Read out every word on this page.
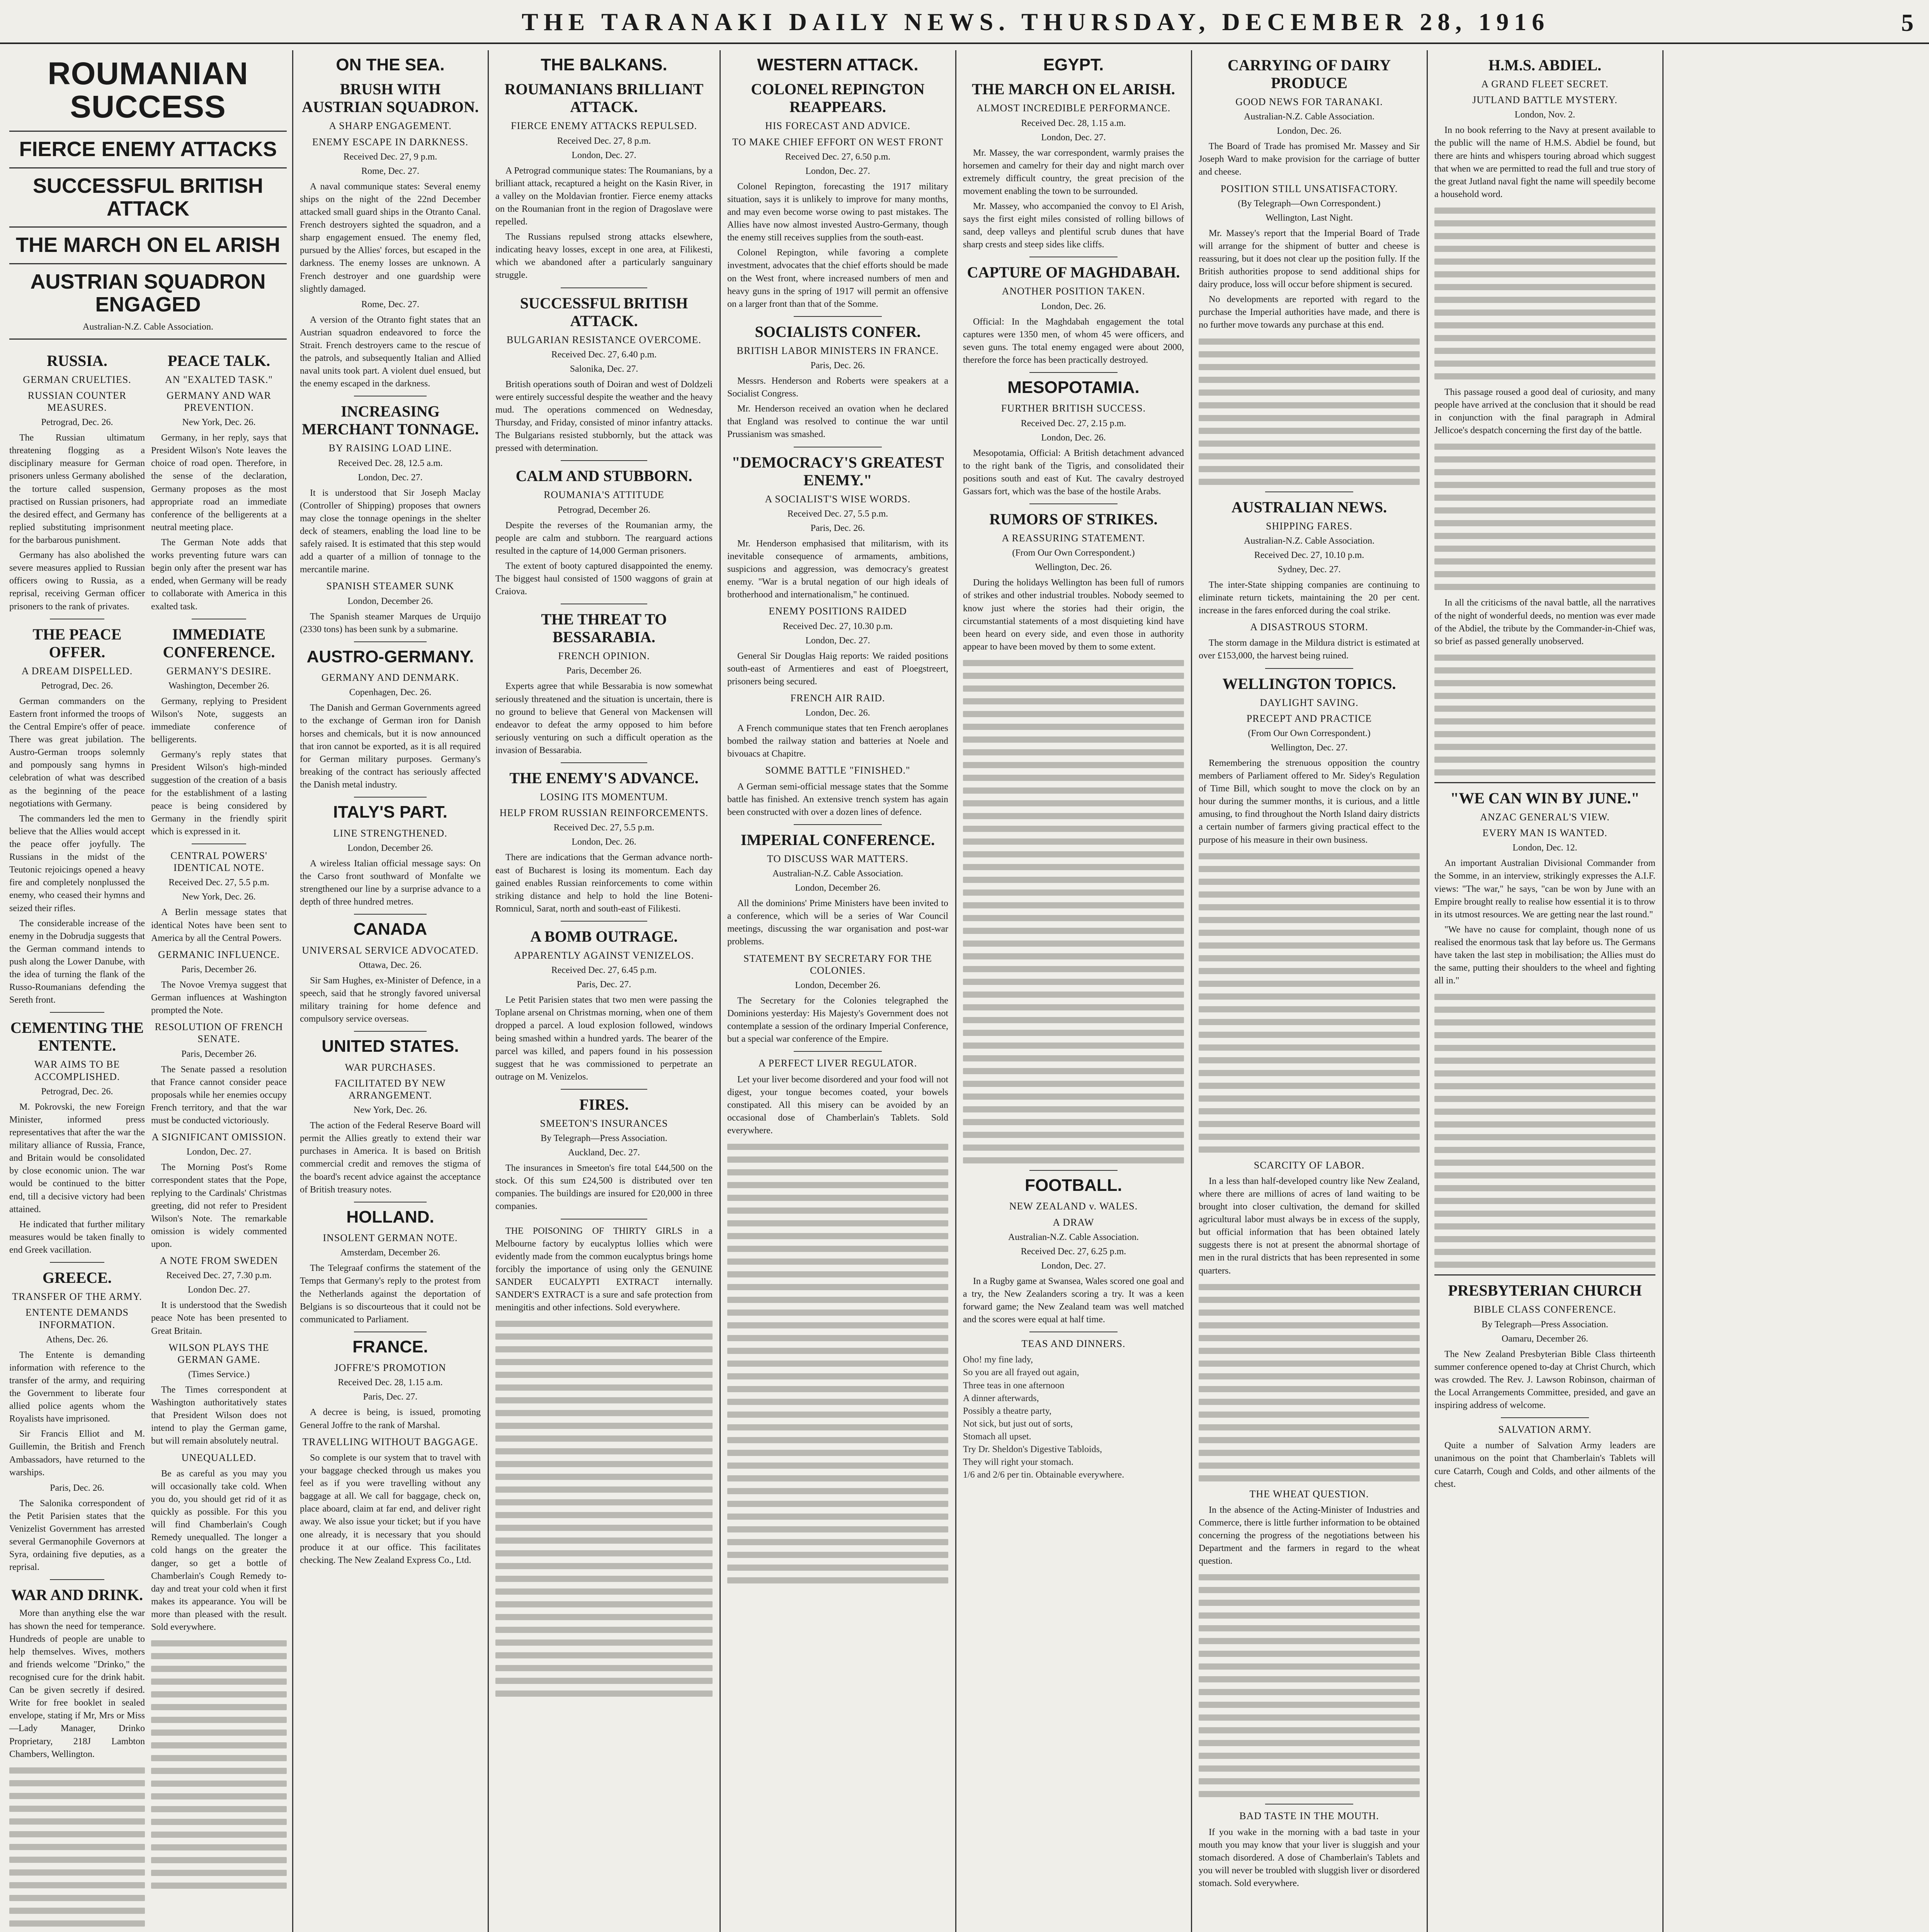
THE TARANAKI DAILY NEWS. THURSDAY, DECEMBER 28, 1916	5
ROUMANIAN SUCCESS
FIERCE ENEMY ATTACKS
SUCCESSFUL BRITISH ATTACK
THE MARCH ON EL ARISH
AUSTRIAN SQUADRON ENGAGED
Australian-N.Z. Cable Association.
RUSSIA.
GERMAN CRUELTIES.
RUSSIAN COUNTER MEASURES.
Petrograd, Dec. 26.

The Russian ultimatum threatening flogging as a disciplinary measure for German prisoners unless Germany abolished the torture called suspension, practised on Russian prisoners, had the desired effect, and Germany has replied substituting imprisonment for the barbarous punishment.

Germany has also abolished the severe measures applied to Russian officers owing to Russia, as a reprisal, receiving German officer prisoners to the rank of privates.

THE PEACE OFFER.
A DREAM DISPELLED.
Petrograd, Dec. 26.

German commanders on the Eastern front informed the troops of the Central Empire's offer of peace. There was great jubilation. The Austro-German troops solemnly and pompously sang hymns in celebration of what was described as the beginning of the peace negotiations with Germany.

The commanders led the men to believe that the Allies would accept the peace offer joyfully. The Russians in the midst of the Teutonic rejoicings opened a heavy fire and completely nonplussed the enemy, who ceased their hymns and seized their rifles.

The considerable increase of the enemy in the Dobrudja suggests that the German command intends to push along the Lower Danube, with the idea of turning the flank of the Russo-Roumanians defending the Sereth front.

CEMENTING THE ENTENTE.
WAR AIMS TO BE ACCOMPLISHED.
Petrograd, Dec. 26.

M. Pokrovski, the new Foreign Minister, informed press representatives that after the war the military alliance of Russia, France, and Britain would be consolidated by close economic union. The war would be continued to the bitter end, till a decisive victory had been attained.

He indicated that further military measures would be taken finally to end Greek vacillation.

GREECE.
TRANSFER OF THE ARMY.
ENTENTE DEMANDS INFORMATION.
Athens, Dec. 26.

The Entente is demanding information with reference to the transfer of the army, and requiring the Government to liberate four allied police agents whom the Royalists have imprisoned.

Sir Francis Elliot and M. Guillemin, the British and French Ambassadors, have returned to the warships.

Paris, Dec. 26.

The Salonika correspondent of the Petit Parisien states that the Venizelist Government has arrested several Germanophile Governors at Syra, ordaining five deputies, as a reprisal.

WAR AND DRINK.

More than anything else the war has shown the need for temperance. Hundreds of people are unable to help themselves. Wives, mothers and friends welcome "Drinko," the recognised cure for the drink habit. Can be given secretly if desired. Write for free booklet in sealed envelope, stating if Mr, Mrs or Miss—Lady Manager, Drinko Proprietary, 218J Lambton Chambers, Wellington.

PEACE TALK.
AN "EXALTED TASK."
GERMANY AND WAR PREVENTION.
New York, Dec. 26.

Germany, in her reply, says that President Wilson's Note leaves the choice of road open. Therefore, in the sense of the declaration, Germany proposes as the most appropriate road an immediate conference of the belligerents at a neutral meeting place.

The German Note adds that works preventing future wars can begin only after the present war has ended, when Germany will be ready to collaborate with America in this exalted task.

IMMEDIATE CONFERENCE.
GERMANY'S DESIRE.
Washington, December 26.

Germany, replying to President Wilson's Note, suggests an immediate conference of belligerents.

Germany's reply states that President Wilson's high-minded suggestion of the creation of a basis for the establishment of a lasting peace is being considered by Germany in the friendly spirit which is expressed in it.

CENTRAL POWERS' IDENTICAL NOTE.
Received Dec. 27, 5.5 p.m.
New York, Dec. 26.

A Berlin message states that identical Notes have been sent to America by all the Central Powers.

GERMANIC INFLUENCE.
Paris, December 26.

The Novoe Vremya suggest that German influences at Washington prompted the Note.

RESOLUTION OF FRENCH SENATE.
Paris, December 26.

The Senate passed a resolution that France cannot consider peace proposals while her enemies occupy French territory, and that the war must be conducted victoriously.

A SIGNIFICANT OMISSION.
London, Dec. 27.

The Morning Post's Rome correspondent states that the Pope, replying to the Cardinals' Christmas greeting, did not refer to President Wilson's Note. The remarkable omission is widely commented upon.

A NOTE FROM SWEDEN
Received Dec. 27, 7.30 p.m.
London Dec. 27.

It is understood that the Swedish peace Note has been presented to Great Britain.

WILSON PLAYS THE GERMAN GAME.
(Times Service.)

The Times correspondent at Washington authoritatively states that President Wilson does not intend to play the German game, but will remain absolutely neutral.

UNEQUALLED.

Be as careful as you may you will occasionally take cold. When you do, you should get rid of it as quickly as possible. For this you will find Chamberlain's Cough Remedy unequalled. The longer a cold hangs on the greater the danger, so get a bottle of Chamberlain's Cough Remedy to-day and treat your cold when it first makes its appearance. You will be more than pleased with the result. Sold everywhere.

ON THE SEA.
BRUSH WITH AUSTRIAN SQUADRON.
A SHARP ENGAGEMENT.
ENEMY ESCAPE IN DARKNESS.
Received Dec. 27, 9 p.m.
Rome, Dec. 27.

A naval communique states: Several enemy ships on the night of the 22nd December attacked small guard ships in the Otranto Canal. French destroyers sighted the squadron, and a sharp engagement ensued. The enemy fled, pursued by the Allies' forces, but escaped in the darkness. The enemy losses are unknown. A French destroyer and one guardship were slightly damaged.

Rome, Dec. 27.

A version of the Otranto fight states that an Austrian squadron endeavored to force the Strait. French destroyers came to the rescue of the patrols, and subsequently Italian and Allied naval units took part. A violent duel ensued, but the enemy escaped in the darkness.

INCREASING MERCHANT TONNAGE.
BY RAISING LOAD LINE.
Received Dec. 28, 12.5 a.m.
London, Dec. 27.

It is understood that Sir Joseph Maclay (Controller of Shipping) proposes that owners may close the tonnage openings in the shelter deck of steamers, enabling the load line to be safely raised. It is estimated that this step would add a quarter of a million of tonnage to the mercantile marine.

SPANISH STEAMER SUNK
London, December 26.

The Spanish steamer Marques de Urquijo (2330 tons) has been sunk by a submarine.

AUSTRO-GERMANY.
GERMANY AND DENMARK.
Copenhagen, Dec. 26.

The Danish and German Governments agreed to the exchange of German iron for Danish horses and chemicals, but it is now announced that iron cannot be exported, as it is all required for German military purposes. Germany's breaking of the contract has seriously affected the Danish metal industry.

ITALY'S PART.
LINE STRENGTHENED.
London, December 26.

A wireless Italian official message says: On the Carso front southward of Monfalte we strengthened our line by a surprise advance to a depth of three hundred metres.

CANADA
UNIVERSAL SERVICE ADVOCATED.
Ottawa, Dec. 26.

Sir Sam Hughes, ex-Minister of Defence, in a speech, said that he strongly favored universal military training for home defence and compulsory service overseas.

UNITED STATES.
WAR PURCHASES.
FACILITATED BY NEW ARRANGEMENT.
New York, Dec. 26.

The action of the Federal Reserve Board will permit the Allies greatly to extend their war purchases in America. It is based on British commercial credit and removes the stigma of the board's recent advice against the acceptance of British treasury notes.

HOLLAND.
INSOLENT GERMAN NOTE.
Amsterdam, December 26.

The Telegraaf confirms the statement of the Temps that Germany's reply to the protest from the Netherlands against the deportation of Belgians is so discourteous that it could not be communicated to Parliament.

FRANCE.
JOFFRE'S PROMOTION
Received Dec. 28, 1.15 a.m.
Paris, Dec. 27.

A decree is being, is issued, promoting General Joffre to the rank of Marshal.

TRAVELLING WITHOUT BAGGAGE.

So complete is our system that to travel with your baggage checked through us makes you feel as if you were travelling without any baggage at all. We call for baggage, check on, place aboard, claim at far end, and deliver right away. We also issue your ticket; but if you have one already, it is necessary that you should produce it at our office. This facilitates checking. The New Zealand Express Co., Ltd.

THE BALKANS.
ROUMANIANS BRILLIANT ATTACK.
FIERCE ENEMY ATTACKS REPULSED.
Received Dec. 27, 8 p.m.
London, Dec. 27.

A Petrograd communique states: The Roumanians, by a brilliant attack, recaptured a height on the Kasin River, in a valley on the Moldavian frontier. Fierce enemy attacks on the Roumanian front in the region of Dragoslave were repelled.

The Russians repulsed strong attacks elsewhere, indicating heavy losses, except in one area, at Filikesti, which we abandoned after a particularly sanguinary struggle.

SUCCESSFUL BRITISH ATTACK.
BULGARIAN RESISTANCE OVERCOME.
Received Dec. 27, 6.40 p.m.
Salonika, Dec. 27.

British operations south of Doiran and west of Doldzeli were entirely successful despite the weather and the heavy mud. The operations commenced on Wednesday, Thursday, and Friday, consisted of minor infantry attacks. The Bulgarians resisted stubbornly, but the attack was pressed with determination.

CALM AND STUBBORN.
ROUMANIA'S ATTITUDE
Petrograd, December 26.

Despite the reverses of the Roumanian army, the people are calm and stubborn. The rearguard actions resulted in the capture of 14,000 German prisoners.

The extent of booty captured disappointed the enemy. The biggest haul consisted of 1500 waggons of grain at Craiova.

THE THREAT TO BESSARABIA.
FRENCH OPINION.
Paris, December 26.

Experts agree that while Bessarabia is now somewhat seriously threatened and the situation is uncertain, there is no ground to believe that General von Mackensen will endeavor to defeat the army opposed to him before seriously venturing on such a difficult operation as the invasion of Bessarabia.

THE ENEMY'S ADVANCE.
LOSING ITS MOMENTUM.
HELP FROM RUSSIAN REINFORCEMENTS.
Received Dec. 27, 5.5 p.m.
London, Dec. 26.

There are indications that the German advance north-east of Bucharest is losing its momentum. Each day gained enables Russian reinforcements to come within striking distance and help to hold the line Boteni-Romnicul, Sarat, north and south-east of Filikesti.

A BOMB OUTRAGE.
APPARENTLY AGAINST VENIZELOS.
Received Dec. 27, 6.45 p.m.
Paris, Dec. 27.

Le Petit Parisien states that two men were passing the Toplane arsenal on Christmas morning, when one of them dropped a parcel. A loud explosion followed, windows being smashed within a hundred yards. The bearer of the parcel was killed, and papers found in his possession suggest that he was commissioned to perpetrate an outrage on M. Venizelos.

FIRES.
SMEETON'S INSURANCES
By Telegraph—Press Association.
Auckland, Dec. 27.

The insurances in Smeeton's fire total £44,500 on the stock. Of this sum £24,500 is distributed over ten companies. The buildings are insured for £20,000 in three companies.

THE POISONING OF THIRTY GIRLS in a Melbourne factory by eucalyptus lollies which were evidently made from the common eucalyptus brings home forcibly the importance of using only the GENUINE SANDER EUCALYPTI EXTRACT internally. SANDER'S EXTRACT is a sure and safe protection from meningitis and other infections. Sold everywhere.

WESTERN ATTACK.
COLONEL REPINGTON REAPPEARS.
HIS FORECAST AND ADVICE.
TO MAKE CHIEF EFFORT ON WEST FRONT
Received Dec. 27, 6.50 p.m.
London, Dec. 27.

Colonel Repington, forecasting the 1917 military situation, says it is unlikely to improve for many months, and may even become worse owing to past mistakes. The Allies have now almost invested Austro-Germany, though the enemy still receives supplies from the south-east.

Colonel Repington, while favoring a complete investment, advocates that the chief efforts should be made on the West front, where increased numbers of men and heavy guns in the spring of 1917 will permit an offensive on a larger front than that of the Somme.

SOCIALISTS CONFER.
BRITISH LABOR MINISTERS IN FRANCE.
Paris, Dec. 26.

Messrs. Henderson and Roberts were speakers at a Socialist Congress.

Mr. Henderson received an ovation when he declared that England was resolved to continue the war until Prussianism was smashed.

"DEMOCRACY'S GREATEST ENEMY."
A SOCIALIST'S WISE WORDS.
Received Dec. 27, 5.5 p.m.
Paris, Dec. 26.

Mr. Henderson emphasised that militarism, with its inevitable consequence of armaments, ambitions, suspicions and aggression, was democracy's greatest enemy. "War is a brutal negation of our high ideals of brotherhood and internationalism," he continued.

ENEMY POSITIONS RAIDED
Received Dec. 27, 10.30 p.m.
London, Dec. 27.

General Sir Douglas Haig reports: We raided positions south-east of Armentieres and east of Ploegstreert, prisoners being secured.

FRENCH AIR RAID.
London, Dec. 26.

A French communique states that ten French aeroplanes bombed the railway station and batteries at Noele and bivouacs at Chapitre.

SOMME BATTLE "FINISHED."

A German semi-official message states that the Somme battle has finished. An extensive trench system has again been constructed with over a dozen lines of defence.

IMPERIAL CONFERENCE.
TO DISCUSS WAR MATTERS.
Australian-N.Z. Cable Association.
London, December 26.

All the dominions' Prime Ministers have been invited to a conference, which will be a series of War Council meetings, discussing the war organisation and post-war problems.

STATEMENT BY SECRETARY FOR THE COLONIES.
London, December 26.

The Secretary for the Colonies telegraphed the Dominions yesterday: His Majesty's Government does not contemplate a session of the ordinary Imperial Conference, but a special war conference of the Empire.

A PERFECT LIVER REGULATOR.

Let your liver become disordered and your food will not digest, your tongue becomes coated, your bowels constipated. All this misery can be avoided by an occasional dose of Chamberlain's Tablets. Sold everywhere.

EGYPT.
THE MARCH ON EL ARISH.
ALMOST INCREDIBLE PERFORMANCE.
Received Dec. 28, 1.15 a.m.
London, Dec. 27.

Mr. Massey, the war correspondent, warmly praises the horsemen and camelry for their day and night march over extremely difficult country, the great precision of the movement enabling the town to be surrounded.

Mr. Massey, who accompanied the convoy to El Arish, says the first eight miles consisted of rolling billows of sand, deep valleys and plentiful scrub dunes that have sharp crests and steep sides like cliffs.

CAPTURE OF MAGHDABAH.
ANOTHER POSITION TAKEN.
London, Dec. 26.

Official: In the Maghdabah engagement the total captures were 1350 men, of whom 45 were officers, and seven guns. The total enemy engaged were about 2000, therefore the force has been practically destroyed.

MESOPOTAMIA.
FURTHER BRITISH SUCCESS.
Received Dec. 27, 2.15 p.m.
London, Dec. 26.

Mesopotamia, Official: A British detachment advanced to the right bank of the Tigris, and consolidated their positions south and east of Kut. The cavalry destroyed Gassars fort, which was the base of the hostile Arabs.

RUMORS OF STRIKES.
A REASSURING STATEMENT.
(From Our Own Correspondent.)
Wellington, Dec. 26.

During the holidays Wellington has been full of rumors of strikes and other industrial troubles. Nobody seemed to know just where the stories had their origin, the circumstantial statements of a most disquieting kind have been heard on every side, and even those in authority appear to have been moved by them to some extent.

FOOTBALL.
NEW ZEALAND v. WALES.
A DRAW
Australian-N.Z. Cable Association.
Received Dec. 27, 6.25 p.m.
London, Dec. 27.

In a Rugby game at Swansea, Wales scored one goal and a try, the New Zealanders scoring a try. It was a keen forward game; the New Zealand team was well matched and the scores were equal at half time.

TEAS AND DINNERS.

Oho! my fine lady,

So you are all frayed out again,

Three teas in one afternoon

A dinner afterwards,

Possibly a theatre party,

Not sick, but just out of sorts,

Stomach all upset.

Try Dr. Sheldon's Digestive Tabloids,

They will right your stomach.

1/6 and 2/6 per tin. Obtainable everywhere.

CARRYING OF DAIRY PRODUCE
GOOD NEWS FOR TARANAKI.
Australian-N.Z. Cable Association.
London, Dec. 26.

The Board of Trade has promised Mr. Massey and Sir Joseph Ward to make provision for the carriage of butter and cheese.

POSITION STILL UNSATISFACTORY.
(By Telegraph—Own Correspondent.)
Wellington, Last Night.

Mr. Massey's report that the Imperial Board of Trade will arrange for the shipment of butter and cheese is reassuring, but it does not clear up the position fully. If the British authorities propose to send additional ships for dairy produce, loss will occur before shipment is secured.

No developments are reported with regard to the purchase the Imperial authorities have made, and there is no further move towards any purchase at this end.

AUSTRALIAN NEWS.
SHIPPING FARES.
Australian-N.Z. Cable Association.
Received Dec. 27, 10.10 p.m.
Sydney, Dec. 27.

The inter-State shipping companies are continuing to eliminate return tickets, maintaining the 20 per cent. increase in the fares enforced during the coal strike.

A DISASTROUS STORM.

The storm damage in the Mildura district is estimated at over £153,000, the harvest being ruined.

WELLINGTON TOPICS.
DAYLIGHT SAVING.
PRECEPT AND PRACTICE
(From Our Own Correspondent.)
Wellington, Dec. 27.

Remembering the strenuous opposition the country members of Parliament offered to Mr. Sidey's Regulation of Time Bill, which sought to move the clock on by an hour during the summer months, it is curious, and a little amusing, to find throughout the North Island dairy districts a certain number of farmers giving practical effect to the purpose of his measure in their own business.

SCARCITY OF LABOR.

In a less than half-developed country like New Zealand, where there are millions of acres of land waiting to be brought into closer cultivation, the demand for skilled agricultural labor must always be in excess of the supply, but official information that has been obtained lately suggests there is not at present the abnormal shortage of men in the rural districts that has been represented in some quarters.

THE WHEAT QUESTION.

In the absence of the Acting-Minister of Industries and Commerce, there is little further information to be obtained concerning the progress of the negotiations between his Department and the farmers in regard to the wheat question.

BAD TASTE IN THE MOUTH.

If you wake in the morning with a bad taste in your mouth you may know that your liver is sluggish and your stomach disordered. A dose of Chamberlain's Tablets and you will never be troubled with sluggish liver or disordered stomach. Sold everywhere.

H.M.S. ABDIEL.
A GRAND FLEET SECRET.
JUTLAND BATTLE MYSTERY.
London, Nov. 2.

In no book referring to the Navy at present available to the public will the name of H.M.S. Abdiel be found, but there are hints and whispers touring abroad which suggest that when we are permitted to read the full and true story of the great Jutland naval fight the name will speedily become a household word.

This passage roused a good deal of curiosity, and many people have arrived at the conclusion that it should be read in conjunction with the final paragraph in Admiral Jellicoe's despatch concerning the first day of the battle.

In all the criticisms of the naval battle, all the narratives of the night of wonderful deeds, no mention was ever made of the Abdiel, the tribute by the Commander-in-Chief was, so brief as passed generally unobserved.

"WE CAN WIN BY JUNE."
ANZAC GENERAL'S VIEW.
EVERY MAN IS WANTED.
London, Dec. 12.

An important Australian Divisional Commander from the Somme, in an interview, strikingly expresses the A.I.F. views: "The war," he says, "can be won by June with an Empire brought really to realise how essential it is to throw in its utmost resources. We are getting near the last round."

"We have no cause for complaint, though none of us realised the enormous task that lay before us. The Germans have taken the last step in mobilisation; the Allies must do the same, putting their shoulders to the wheel and fighting all in."

PRESBYTERIAN CHURCH
BIBLE CLASS CONFERENCE.
By Telegraph—Press Association.
Oamaru, December 26.

The New Zealand Presbyterian Bible Class thirteenth summer conference opened to-day at Christ Church, which was crowded. The Rev. J. Lawson Robinson, chairman of the Local Arrangements Committee, presided, and gave an inspiring address of welcome.

SALVATION ARMY.

Quite a number of Salvation Army leaders are unanimous on the point that Chamberlain's Tablets will cure Catarrh, Cough and Colds, and other ailments of the chest.
